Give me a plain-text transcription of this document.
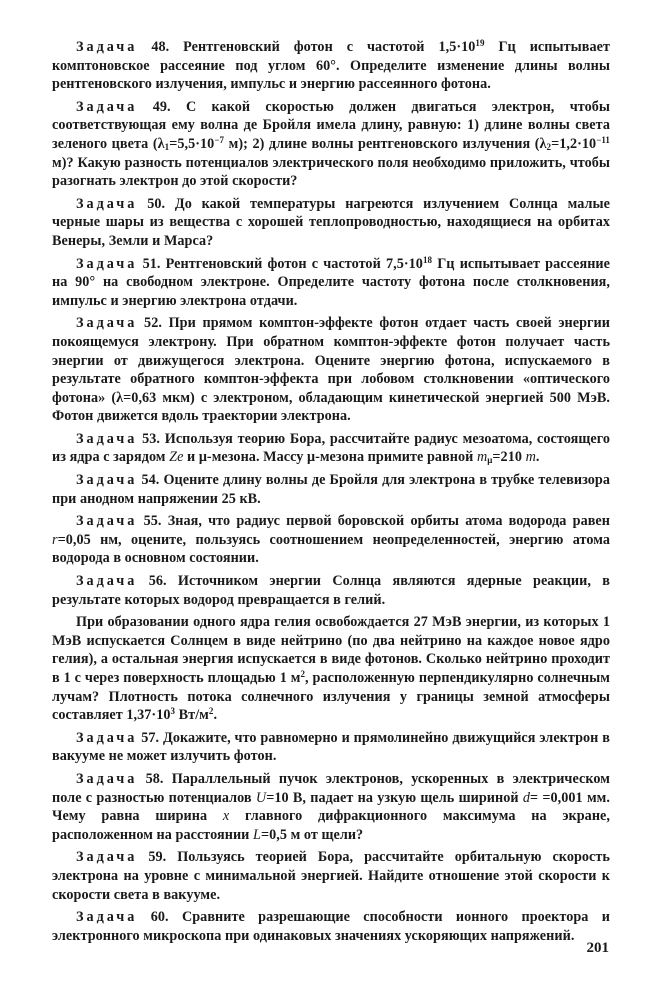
Задача 48. Рентгеновский фотон с частотой $1,5\cdot 10^{19}$ Гц испытывает комптоновское рассеяние под углом 60°. Определите изменение длины волны рентгеновского излучения, импульс и энергию рассеянного фотона.

Задача 49. С какой скоростью должен двигаться электрон, чтобы соответствующая ему волна де Бройля имела длину, равную: 1) длине волны света зеленого цвета ($\lambda_1=5,5\cdot 10^{-7}$ м); 2) длине волны рентгеновского излучения ($\lambda_2=1,2\cdot 10^{-11}$ м)? Какую разность потенциалов электрического поля необходимо приложить, чтобы разогнать электрон до этой скорости?

Задача 50. До какой температуры нагреются излучением Солнца малые черные шары из вещества с хорошей теплопроводностью, находящиеся на орбитах Венеры, Земли и Марса?

Задача 51. Рентгеновский фотон с частотой $7,5\cdot 10^{18}$ Гц испытывает рассеяние на 90° на свободном электроне. Определите частоту фотона после столкновения, импульс и энергию электрона отдачи.

Задача 52. При прямом комптон-эффекте фотон отдает часть своей энергии покоящемуся электрону. При обратном комптон-эффекте фотон получает часть энергии от движущегося электрона. Оцените энергию фотона, испускаемого в результате обратного комптон-эффекта при лобовом столкновении «оптического фотона» (λ=0,63 мкм) с электроном, обладающим кинетической энергией 500 МэВ. Фотон движется вдоль траектории электрона.

Задача 53. Используя теорию Бора, рассчитайте радиус мезоатома, состоящего из ядра с зарядом Ze и μ-мезона. Массу μ-мезона примите равной $m_\mu=210$ m.

Задача 54. Оцените длину волны де Бройля для электрона в трубке телевизора при анодном напряжении 25 кВ.

Задача 55. Зная, что радиус первой боровской орбиты атома водорода равен r=0,05 нм, оцените, пользуясь соотношением неопределенностей, энергию атома водорода в основном состоянии.

Задача 56. Источником энергии Солнца являются ядерные реакции, в результате которых водород превращается в гелий.

При образовании одного ядра гелия освобождается 27 МэВ энергии, из которых 1 МэВ испускается Солнцем в виде нейтрино (по два нейтрино на каждое новое ядро гелия), а остальная энергия испускается в виде фотонов. Сколько нейтрино проходит в 1 с через поверхность площадью 1 $м^2$, расположенную перпендикулярно солнечным лучам? Плотность потока солнечного излучения у границы земной атмосферы составляет $1,37\cdot 10^3$ $Вт/м^2$.

Задача 57. Докажите, что равномерно и прямолинейно движущийся электрон в вакууме не может излучить фотон.

Задача 58. Параллельный пучок электронов, ускоренных в электрическом поле с разностью потенциалов U=10 В, падает на узкую щель шириной d= =0,001 мм. Чему равна ширина x главного дифракционного максимума на экране, расположенном на расстоянии L=0,5 м от щели?

Задача 59. Пользуясь теорией Бора, рассчитайте орбитальную скорость электрона на уровне с минимальной энергией. Найдите отношение этой скорости к скорости света в вакууме.

Задача 60. Сравните разрешающие способности ионного проектора и электронного микроскопа при одинаковых значениях ускоряющих напряжений.

201
